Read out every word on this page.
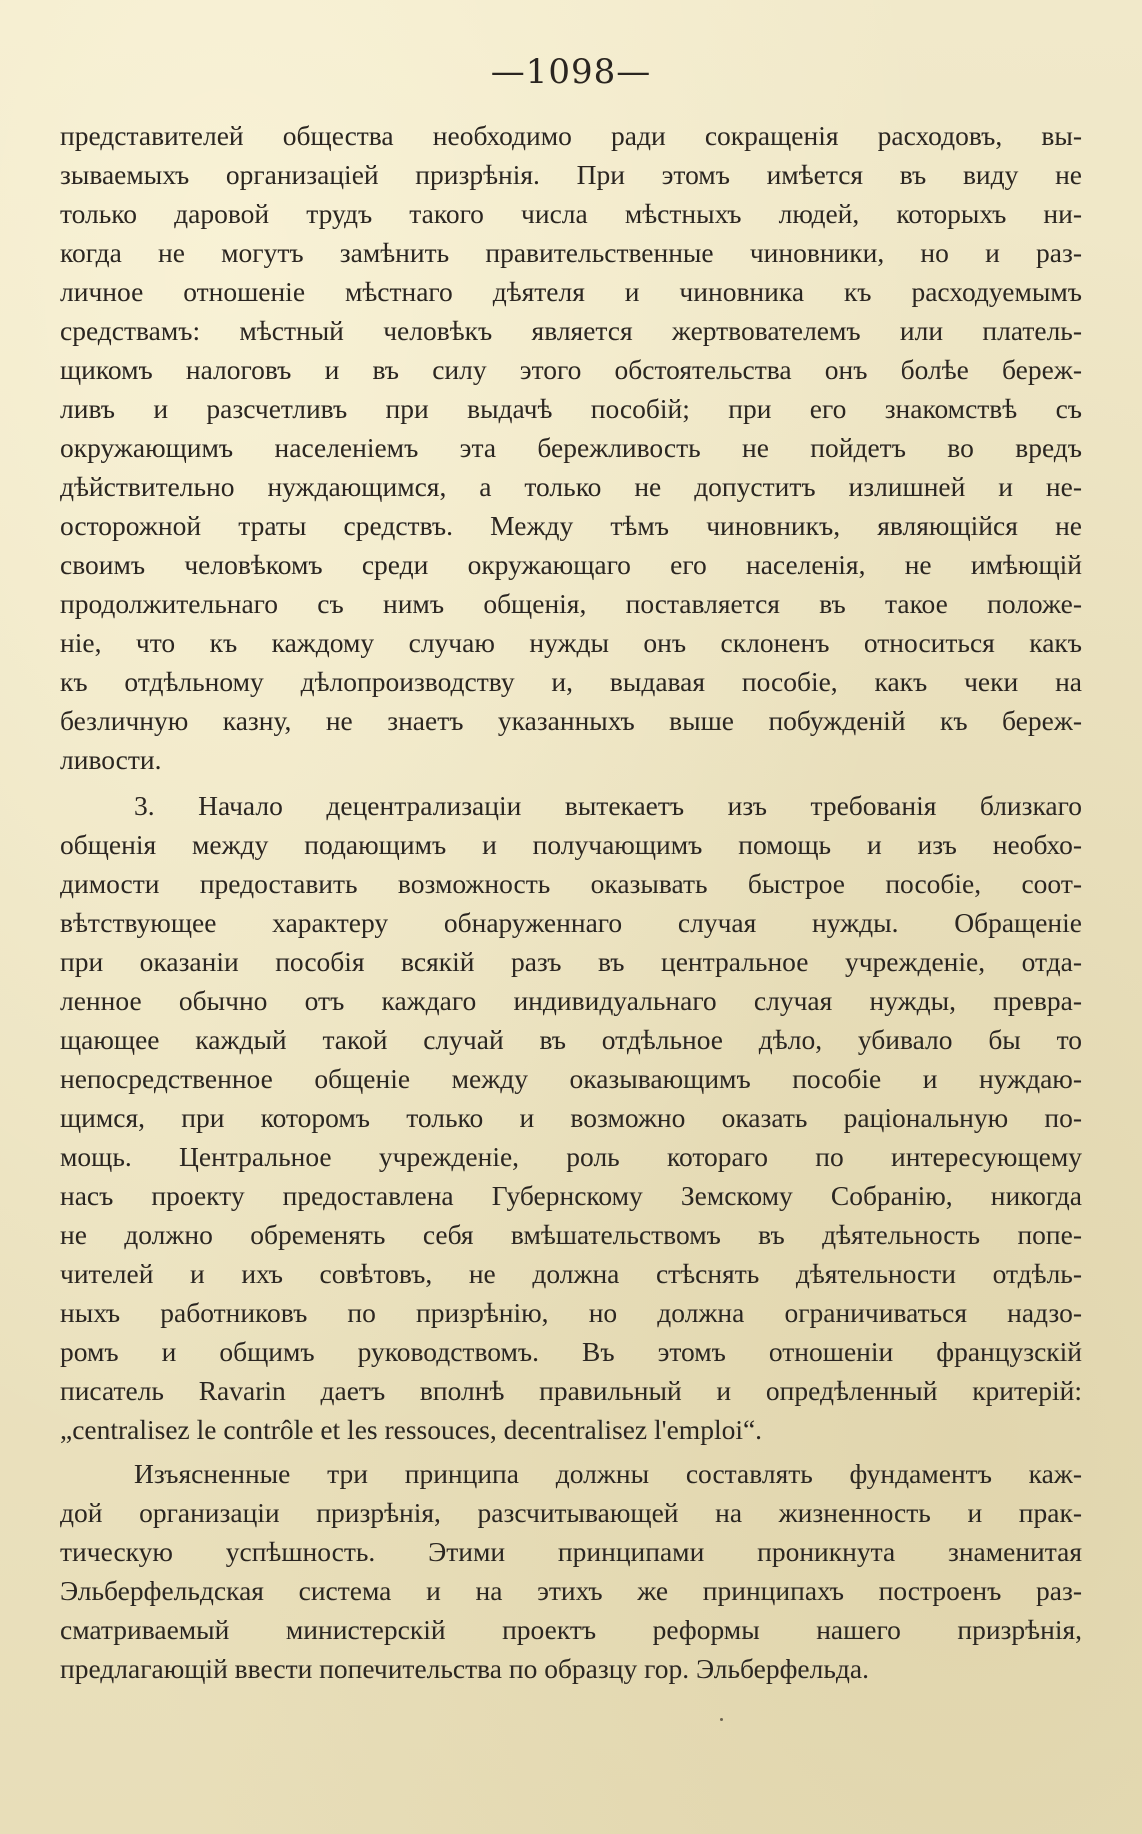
—1098—
представителей общества необходимо ради сокращенія расходовъ, вы-
зываемыхъ организаціей призрѣнія. При этомъ имѣется въ виду не
только даровой трудъ такого числа мѣстныхъ людей, которыхъ ни-
когда не могутъ замѣнить правительственные чиновники, но и раз-
личное отношеніе мѣстнаго дѣятеля и чиновника къ расходуемымъ
средствамъ: мѣстный человѣкъ является жертвователемъ или платель-
щикомъ налоговъ и въ силу этого обстоятельства онъ болѣе береж-
ливъ и разсчетливъ при выдачѣ пособій; при его знакомствѣ съ
окружающимъ населеніемъ эта бережливость не пойдетъ во вредъ
дѣйствительно нуждающимся, а только не допуститъ излишней и не-
осторожной траты средствъ. Между тѣмъ чиновникъ, являющійся не
своимъ человѣкомъ среди окружающаго его населенія, не имѣющій
продолжительнаго съ нимъ общенія, поставляется въ такое положе-
ніе, что къ каждому случаю нужды онъ склоненъ относиться какъ
къ отдѣльному дѣлопроизводству и, выдавая пособіе, какъ чеки на
безличную казну, не знаетъ указанныхъ выше побужденій къ береж-
ливости.
3. Начало децентрализаціи вытекаетъ изъ требованія близкаго
общенія между подающимъ и получающимъ помощь и изъ необхо-
димости предоставить возможность оказывать быстрое пособіе, соот-
вѣтствующее характеру обнаруженнаго случая нужды. Обращеніе
при оказаніи пособія всякій разъ въ центральное учрежденіе, отда-
ленное обычно отъ каждаго индивидуальнаго случая нужды, превра-
щающее каждый такой случай въ отдѣльное дѣло, убивало бы то
непосредственное общеніе между оказывающимъ пособіе и нуждаю-
щимся, при которомъ только и возможно оказать раціональную по-
мощь. Центральное учрежденіе, роль котораго по интересующему
насъ проекту предоставлена Губернскому Земскому Собранію, никогда
не должно обременять себя вмѣшательствомъ въ дѣятельность попе-
чителей и ихъ совѣтовъ, не должна стѣснять дѣятельности отдѣль-
ныхъ работниковъ по призрѣнію, но должна ограничиваться надзо-
ромъ и общимъ руководствомъ. Въ этомъ отношеніи французскій
писатель Ravarin даетъ вполнѣ правильный и опредѣленный критерій:
„centralisez le contrôle et les ressouces, decentralisez l'emploi“.
Изъясненные три принципа должны составлять фундаментъ каж-
дой организаціи призрѣнія, разсчитывающей на жизненность и прак-
тическую успѣшность. Этими принципами проникнута знаменитая
Эльберфельдская система и на этихъ же принципахъ построенъ раз-
сматриваемый министерскій проектъ реформы нашего призрѣнія,
предлагающій ввести попечительства по образцу гор. Эльберфельда.
